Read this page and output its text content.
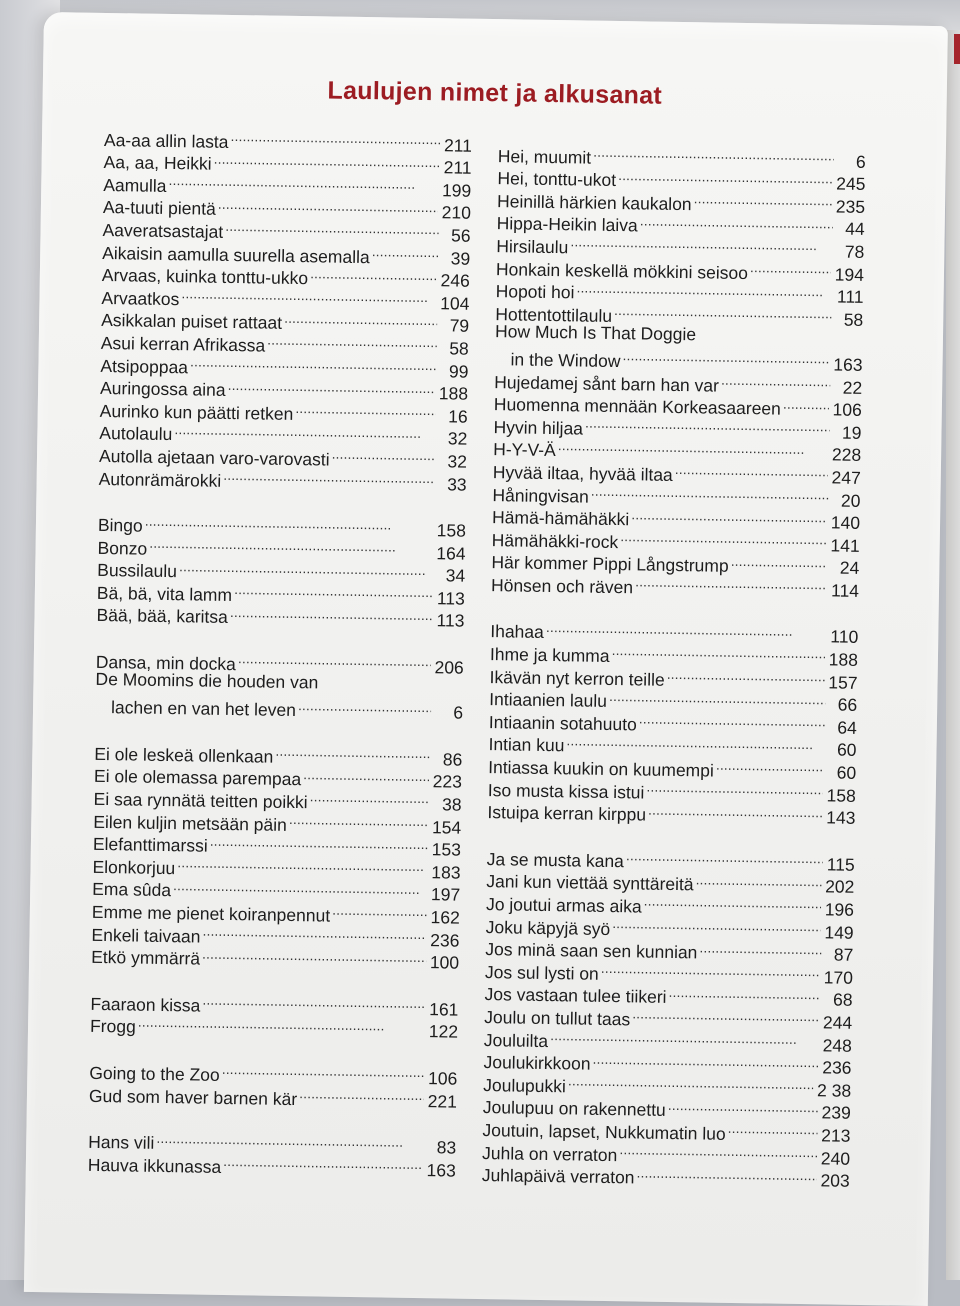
Laulujen nimet ja alkusanat
Aa-aa allin lasta . . .	211
Aa, aa, Heikki . . .	211
Aamulla . . .	199
Aa-tuuti pientä . . .	210
Aaveratsastajat . . .	56
Aikaisin aamulla suurella asemalla . . .	39
Arvaas, kuinka tonttu-ukko . . .	246
Arvaatkos . . .	104
Asikkalan puiset rattaat . . .	79
Asui kerran Afrikassa . . .	58
Atsipoppaa . . .	99
Auringossa aina . . .	188
Aurinko kun päätti retken . . .	16
Autolaulu . . .	32
Autolla ajetaan varo-varovasti . . .	32
Autonrämärokki . . .	33
Bingo . . .	158
Bonzo . . .	164
Bussilaulu . . .	34
Bä, bä, vita lamm . . .	113
Bää, bää, karitsa . . .	113
Dansa, min docka . . .	206
De Moomins die houden van
lachen en van het leven . . .	6
Ei ole leskeä ollenkaan . . .	86
Ei ole olemassa parempaa . . .	223
Ei saa rynnätä teitten poikki . . .	38
Eilen kuljin metsään päin . . .	154
Elefanttimarssi . . .	153
Elonkorjuu . . .	183
Ema sûda . . .	197
Emme me pienet koiranpennut . . .	162
Enkeli taivaan . . .	236
Etkö ymmärrä . . .	100
Faaraon kissa . . .	161
Frogg . . .	122
Going to the Zoo . . .	106
Gud som haver barnen kär . . .	221
Hans vili . . .	83
Hauva ikkunassa . . .	163
Hei, muumit . . .	6
Hei, tonttu-ukot . . .	245
Heinillä härkien kaukalon . . .	235
Hippa-Heikin laiva . . .	44
Hirsilaulu . . .	78
Honkain keskellä mökkini seisoo . . .	194
Hopoti hoi . . .	111
Hottentottilaulu . . .	58
How Much Is That Doggie
in the Window . . .	163
Hujedamej sånt barn han var . . .	22
Huomenna mennään Korkeasaareen . . .	106
Hyvin hiljaa . . .	19
H-Y-V-Ä . . .	228
Hyvää iltaa, hyvää iltaa . . .	247
Håningvisan . . .	20
Hämä-hämähäkki . . .	140
Hämähäkki-rock . . .	141
Här kommer Pippi Långstrump . . .	24
Hönsen och räven . . .	114
Ihahaa . . .	110
Ihme ja kumma . . .	188
Ikävän nyt kerron teille . . .	157
Intiaanien laulu . . .	66
Intiaanin sotahuuto . . .	64
Intian kuu . . .	60
Intiassa kuukin on kuumempi . . .	60
Iso musta kissa istui . . .	158
Istuipa kerran kirppu . . .	143
Ja se musta kana . . .	115
Jani kun viettää synttäreitä . . .	202
Jo joutui armas aika . . .	196
Joku käpyjä syö . . .	149
Jos minä saan sen kunnian . . .	87
Jos sul lysti on . . .	170
Jos vastaan tulee tiikeri . . .	68
Joulu on tullut taas . . .	244
Jouluilta . . .	248
Joulukirkkoon . . .	236
Joulupukki . . .	2 38
Joulupuu on rakennettu . . .	239
Joutuin, lapset, Nukkumatin luo . . .	213
Juhla on verraton . . .	240
Juhlapäivä verraton . . .	203
